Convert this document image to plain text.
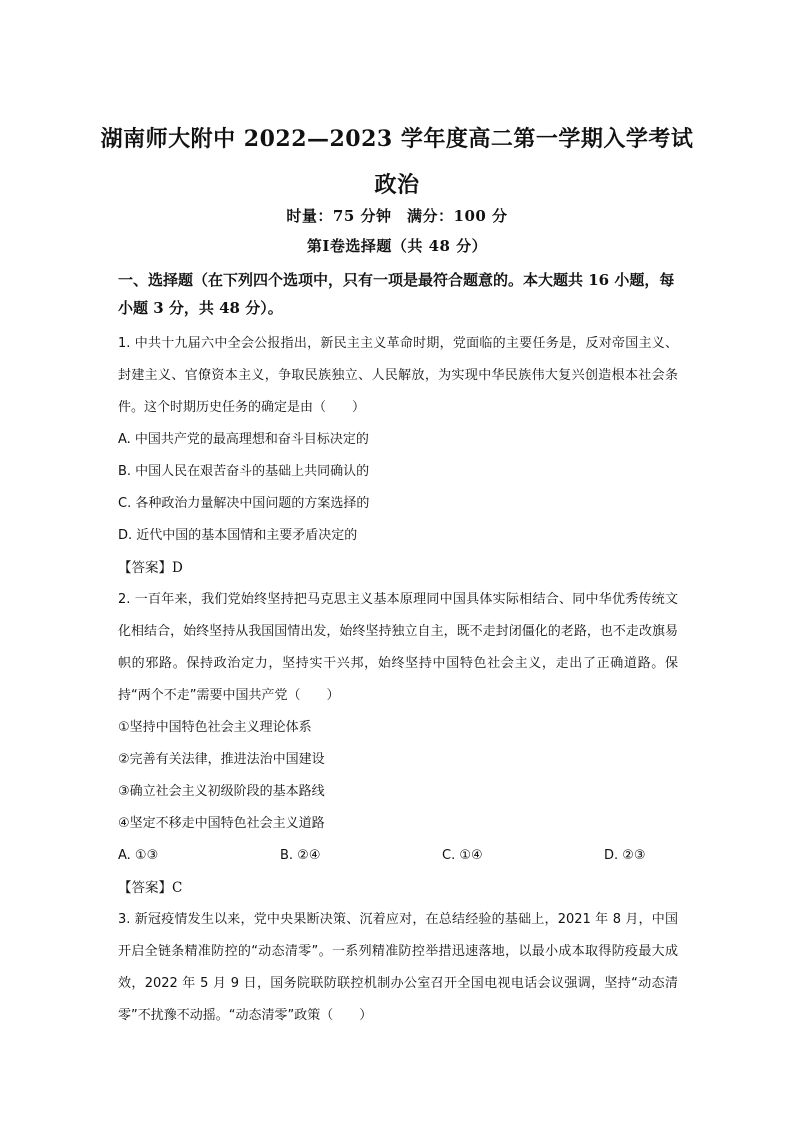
湖南师大附中 2022—2023 学年度高二第一学期入学考试
政治
时量：75 分钟　满分：100 分
第Ⅰ卷选择题（共 48 分）

一、选择题（在下列四个选项中，只有一项是最符合题意的。本大题共 16 小题，每小题 3 分，共 48 分）。

1. 中共十九届六中全会公报指出，新民主主义革命时期，党面临的主要任务是，反对帝国主义、封建主义、官僚资本主义，争取民族独立、人民解放，为实现中华民族伟大复兴创造根本社会条件。这个时期历史任务的确定是由（　　）

A. 中国共产党的最高理想和奋斗目标决定的

B. 中国人民在艰苦奋斗的基础上共同确认的

C. 各种政治力量解决中国问题的方案选择的

D. 近代中国的基本国情和主要矛盾决定的

【答案】D

2. 一百年来，我们党始终坚持把马克思主义基本原理同中国具体实际相结合、同中华优秀传统文化相结合，始终坚持从我国国情出发，始终坚持独立自主，既不走封闭僵化的老路，也不走改旗易帜的邪路。保持政治定力，坚持实干兴邦，始终坚持中国特色社会主义，走出了正确道路。保持“两个不走”需要中国共产党（　　）

①坚持中国特色社会主义理论体系

②完善有关法律，推进法治中国建设

③确立社会主义初级阶段的基本路线

④坚定不移走中国特色社会主义道路

A. ①③	B. ②④	C. ①④	D. ②③

【答案】C

3. 新冠疫情发生以来，党中央果断决策、沉着应对，在总结经验的基础上，2021 年 8 月，中国开启全链条精准防控的“动态清零”。一系列精准防控举措迅速落地，以最小成本取得防疫最大成效，2022 年 5 月 9 日，国务院联防联控机制办公室召开全国电视电话会议强调，坚持“动态清零”不扰豫不动摇。“动态清零”政策（　　）
